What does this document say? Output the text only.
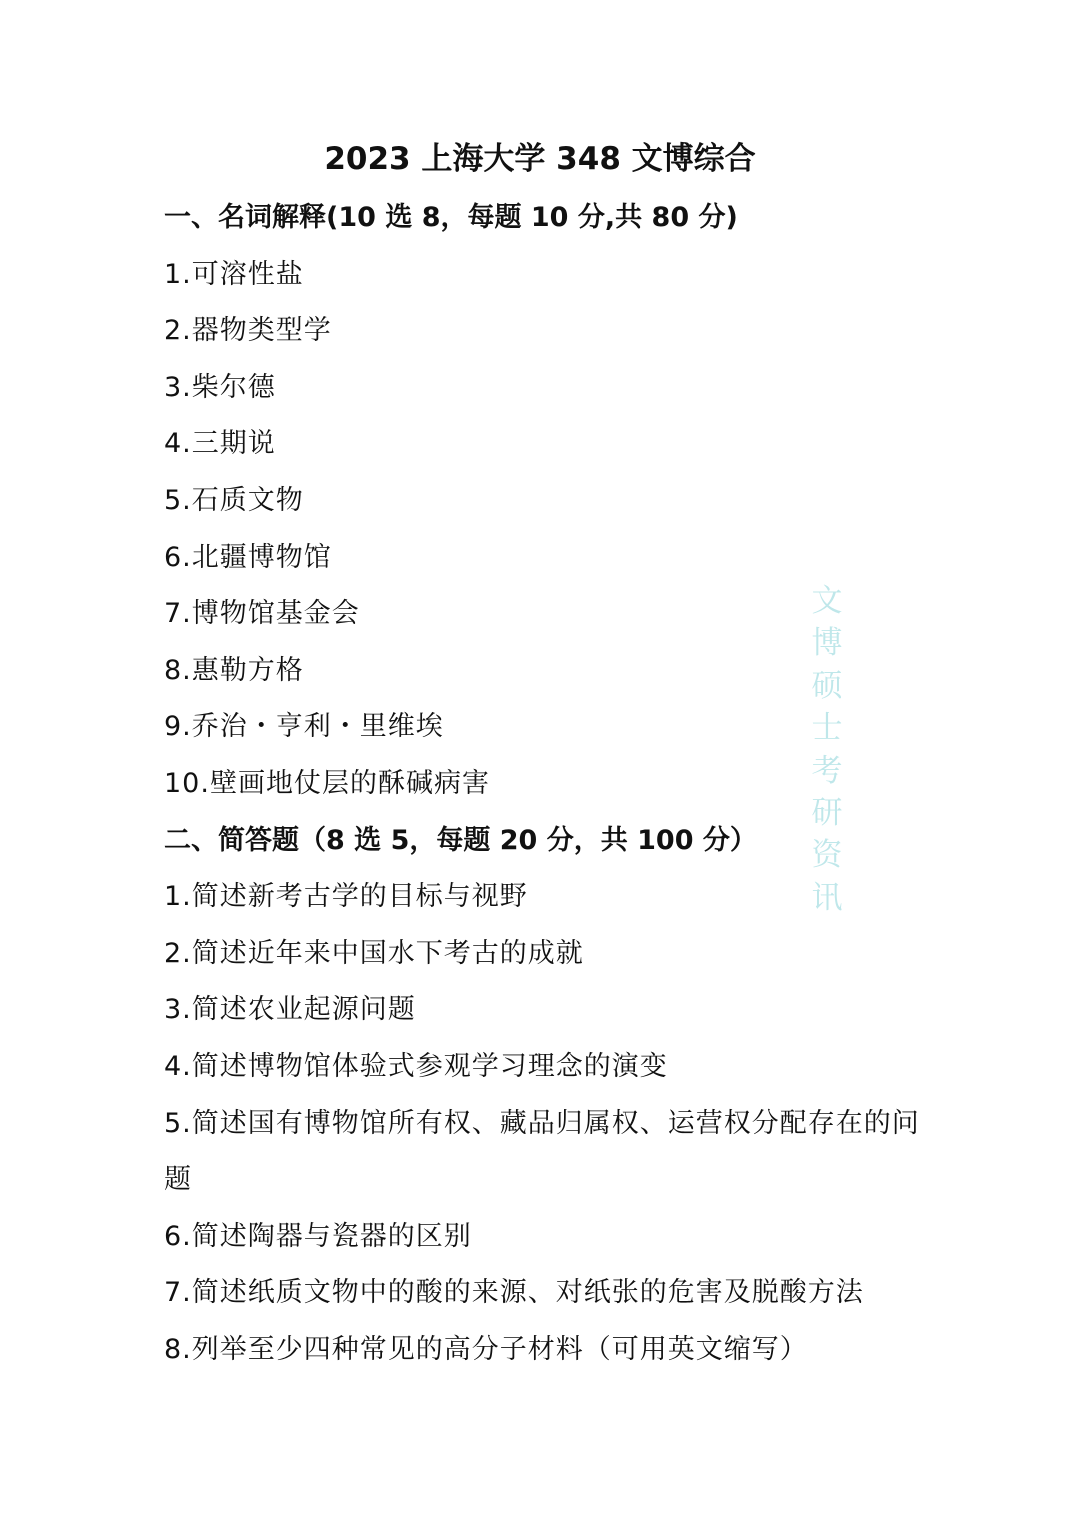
2023 上海大学 348 文博综合
一、名词解释(10 选 8，每题 10 分,共 80 分)
1.可溶性盐
2.器物类型学
3.柴尔德
4.三期说
5.石质文物
6.北疆博物馆
7.博物馆基金会
8.惠勒方格
9.乔治・亨利・里维埃
10.壁画地仗层的酥碱病害
二、简答题（8 选 5，每题 20 分，共 100 分）
1.简述新考古学的目标与视野
2.简述近年来中国水下考古的成就
3.简述农业起源问题
4.简述博物馆体验式参观学习理念的演变
5.简述国有博物馆所有权、藏品归属权、运营权分配存在的问题
6.简述陶器与瓷器的区别
7.简述纸质文物中的酸的来源、对纸张的危害及脱酸方法
8.列举至少四种常见的高分子材料（可用英文缩写）
文博硕士考研资讯
